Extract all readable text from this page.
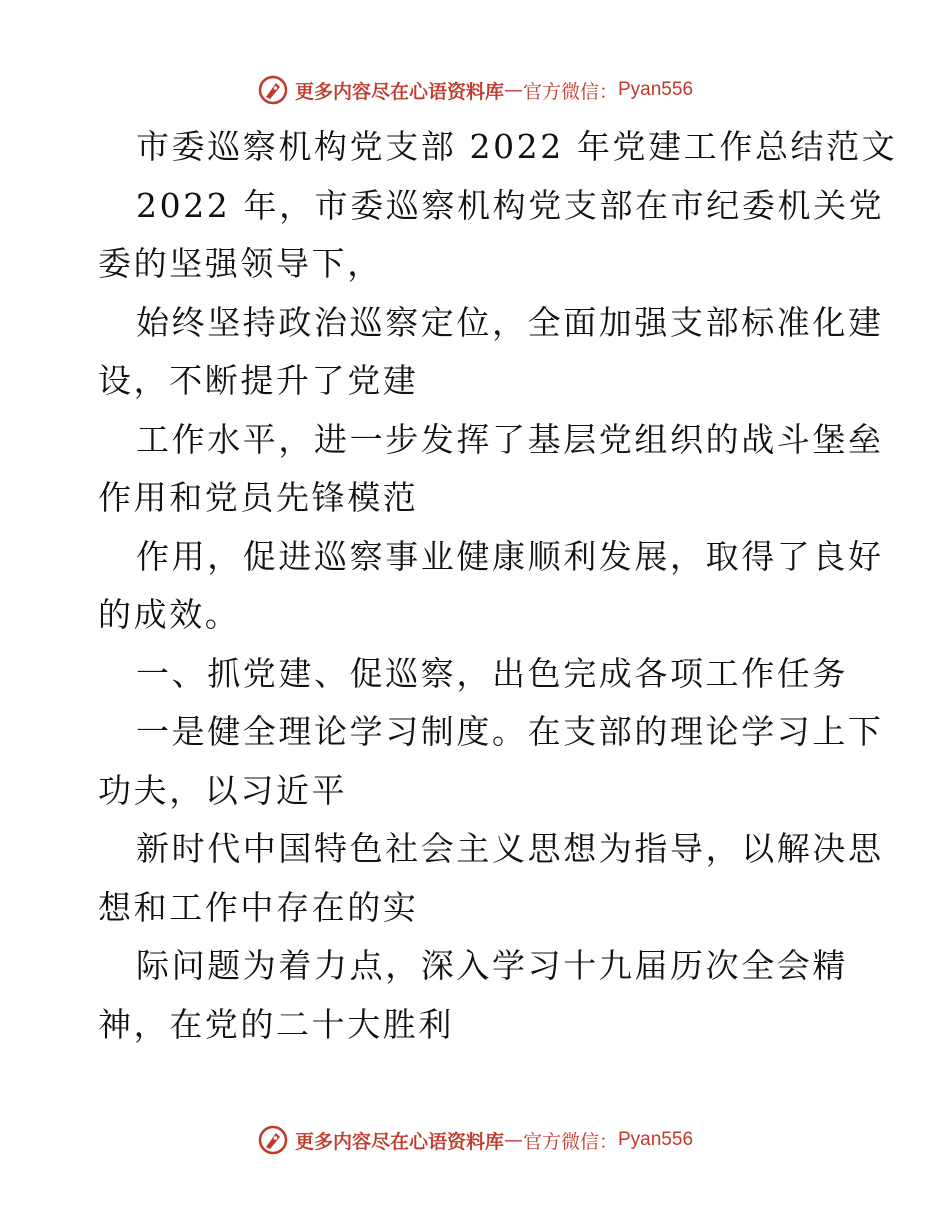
更多内容尽在心语资料库 — 官方微信： Pyan556
市委巡察机构党支部 2022 年党建工作总结范文
2022 年，市委巡察机构党支部在市纪委机关党
委的坚强领导下，
始终坚持政治巡察定位，全面加强支部标准化建
设，不断提升了党建
工作水平，进一步发挥了基层党组织的战斗堡垒
作用和党员先锋模范
作用，促进巡察事业健康顺利发展，取得了良好
的成效。
一、抓党建、促巡察，出色完成各项工作任务
一是健全理论学习制度。在支部的理论学习上下
功夫，以习近平
新时代中国特色社会主义思想为指导，以解决思
想和工作中存在的实
际问题为着力点，深入学习十九届历次全会精
神，在党的二十大胜利
更多内容尽在心语资料库 — 官方微信： Pyan556
